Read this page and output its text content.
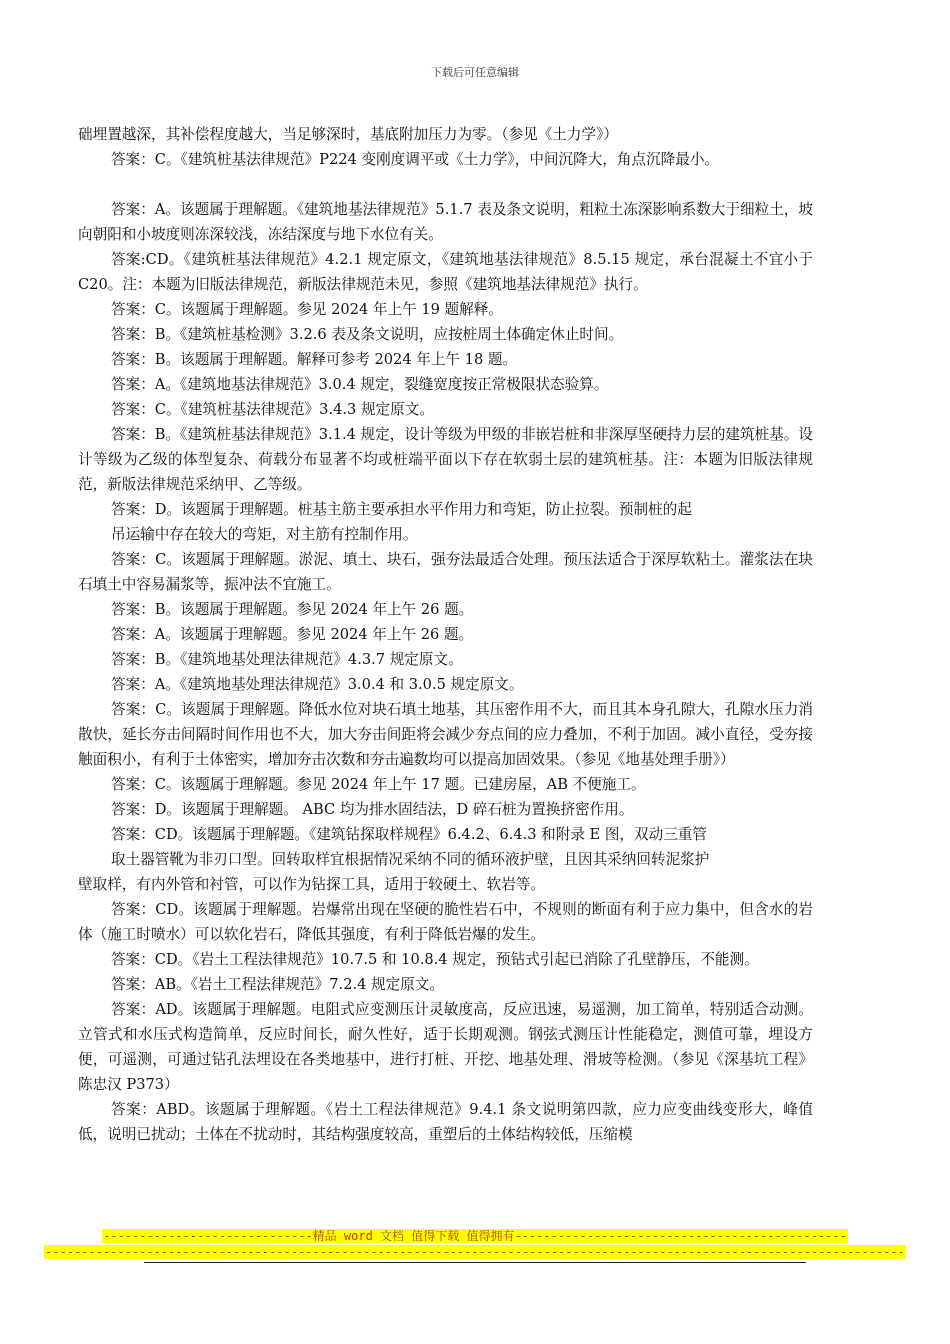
下载后可任意编辑

础埋置越深，其补偿程度越大，当足够深时，基底附加压力为零。（参见《土力学》）

答案：C。《建筑桩基法律规范》P224 变刚度调平或《土力学》，中间沉降大，角点沉降最小。

答案：A。该题属于理解题。《建筑地基法律规范》5.1.7 表及条文说明，粗粒土冻深影响系数大于细粒土，坡向朝阳和小坡度则冻深较浅，冻结深度与地下水位有关。

答案:CD。《建筑桩基法律规范》4.2.1 规定原文，《建筑地基法律规范》8.5.15 规定，承台混凝土不宜小于 C20。注：本题为旧版法律规范，新版法律规范未见，参照《建筑地基法律规范》执行。

答案：C。该题属于理解题。参见 2024 年上午 19 题解释。

答案：B。《建筑桩基检测》3.2.6 表及条文说明，应按桩周土体确定休止时间。

答案：B。该题属于理解题。解释可参考 2024 年上午 18 题。

答案：A。《建筑地基法律规范》3.0.4 规定，裂缝宽度按正常极限状态验算。

答案：C。《建筑桩基法律规范》3.4.3 规定原文。

答案：B。《建筑桩基法律规范》3.1.4 规定，设计等级为甲级的非嵌岩桩和非深厚坚硬持力层的建筑桩基。设计等级为乙级的体型复杂、荷载分布显著不均或桩端平面以下存在软弱土层的建筑桩基。注：本题为旧版法律规范，新版法律规范采纳甲、乙等级。

答案：D。该题属于理解题。桩基主筋主要承担水平作用力和弯矩，防止拉裂。预制桩的起

吊运输中存在较大的弯矩，对主筋有控制作用。

答案：C。该题属于理解题。淤泥、填土、块石，强夯法最适合处理。预压法适合于深厚软粘土。灌浆法在块石填土中容易漏浆等，振冲法不宜施工。

答案：B。该题属于理解题。参见 2024 年上午 26 题。

答案：A。该题属于理解题。参见 2024 年上午 26 题。

答案：B。《建筑地基处理法律规范》4.3.7 规定原文。

答案：A。《建筑地基处理法律规范》3.0.4 和 3.0.5 规定原文。

答案：C。该题属于理解题。降低水位对块石填土地基，其压密作用不大，而且其本身孔隙大，孔隙水压力消散快，延长夯击间隔时间作用也不大，加大夯击间距将会减少夯点间的应力叠加，不利于加固。减小直径，受夯接触面积小，有利于土体密实，增加夯击次数和夯击遍数均可以提高加固效果。（参见《地基处理手册》）

答案：C。该题属于理解题。参见 2024 年上午 17 题。已建房屋，AB 不便施工。

答案：D。该题属于理解题。 ABC 均为排水固结法，D 碎石桩为置换挤密作用。

答案：CD。该题属于理解题。《建筑钻探取样规程》6.4.2、6.4.3 和附录 E 图，双动三重管

取土器管靴为非刃口型。回转取样宜根据情况采纳不同的循环液护壁，且因其采纳回转泥浆护

壁取样，有内外管和衬管，可以作为钻探工具，适用于较硬土、软岩等。

答案：CD。该题属于理解题。岩爆常出现在坚硬的脆性岩石中，不规则的断面有利于应力集中，但含水的岩体（施工时喷水）可以软化岩石，降低其强度，有利于降低岩爆的发生。

答案：CD。《岩土工程法律规范》10.7.5 和 10.8.4 规定，预钻式引起已消除了孔壁静压，不能测。

答案：AB。《岩土工程法律规范》7.2.4 规定原文。

答案：AD。该题属于理解题。电阻式应变测压计灵敏度高，反应迅速，易遥测，加工简单，特别适合动测。立管式和水压式构造简单，反应时间长，耐久性好，适于长期观测。钢弦式测压计性能稳定，测值可靠，埋设方便，可遥测，可通过钻孔法埋设在各类地基中，进行打桩、开挖、地基处理、滑坡等检测。（参见《深基坑工程》陈忠汉 P373）

答案：ABD。该题属于理解题。《岩土工程法律规范》9.4.1 条文说明第四款，应力应变曲线变形大，峰值低，说明已扰动；土体在不扰动时，其结构强度较高，重塑后的土体结构较低，压缩模

-----------------------------精品 word 文档 值得下载 值得拥有----------------------------------------------
-----------------------------------------------------------------------------------------------------------------------
